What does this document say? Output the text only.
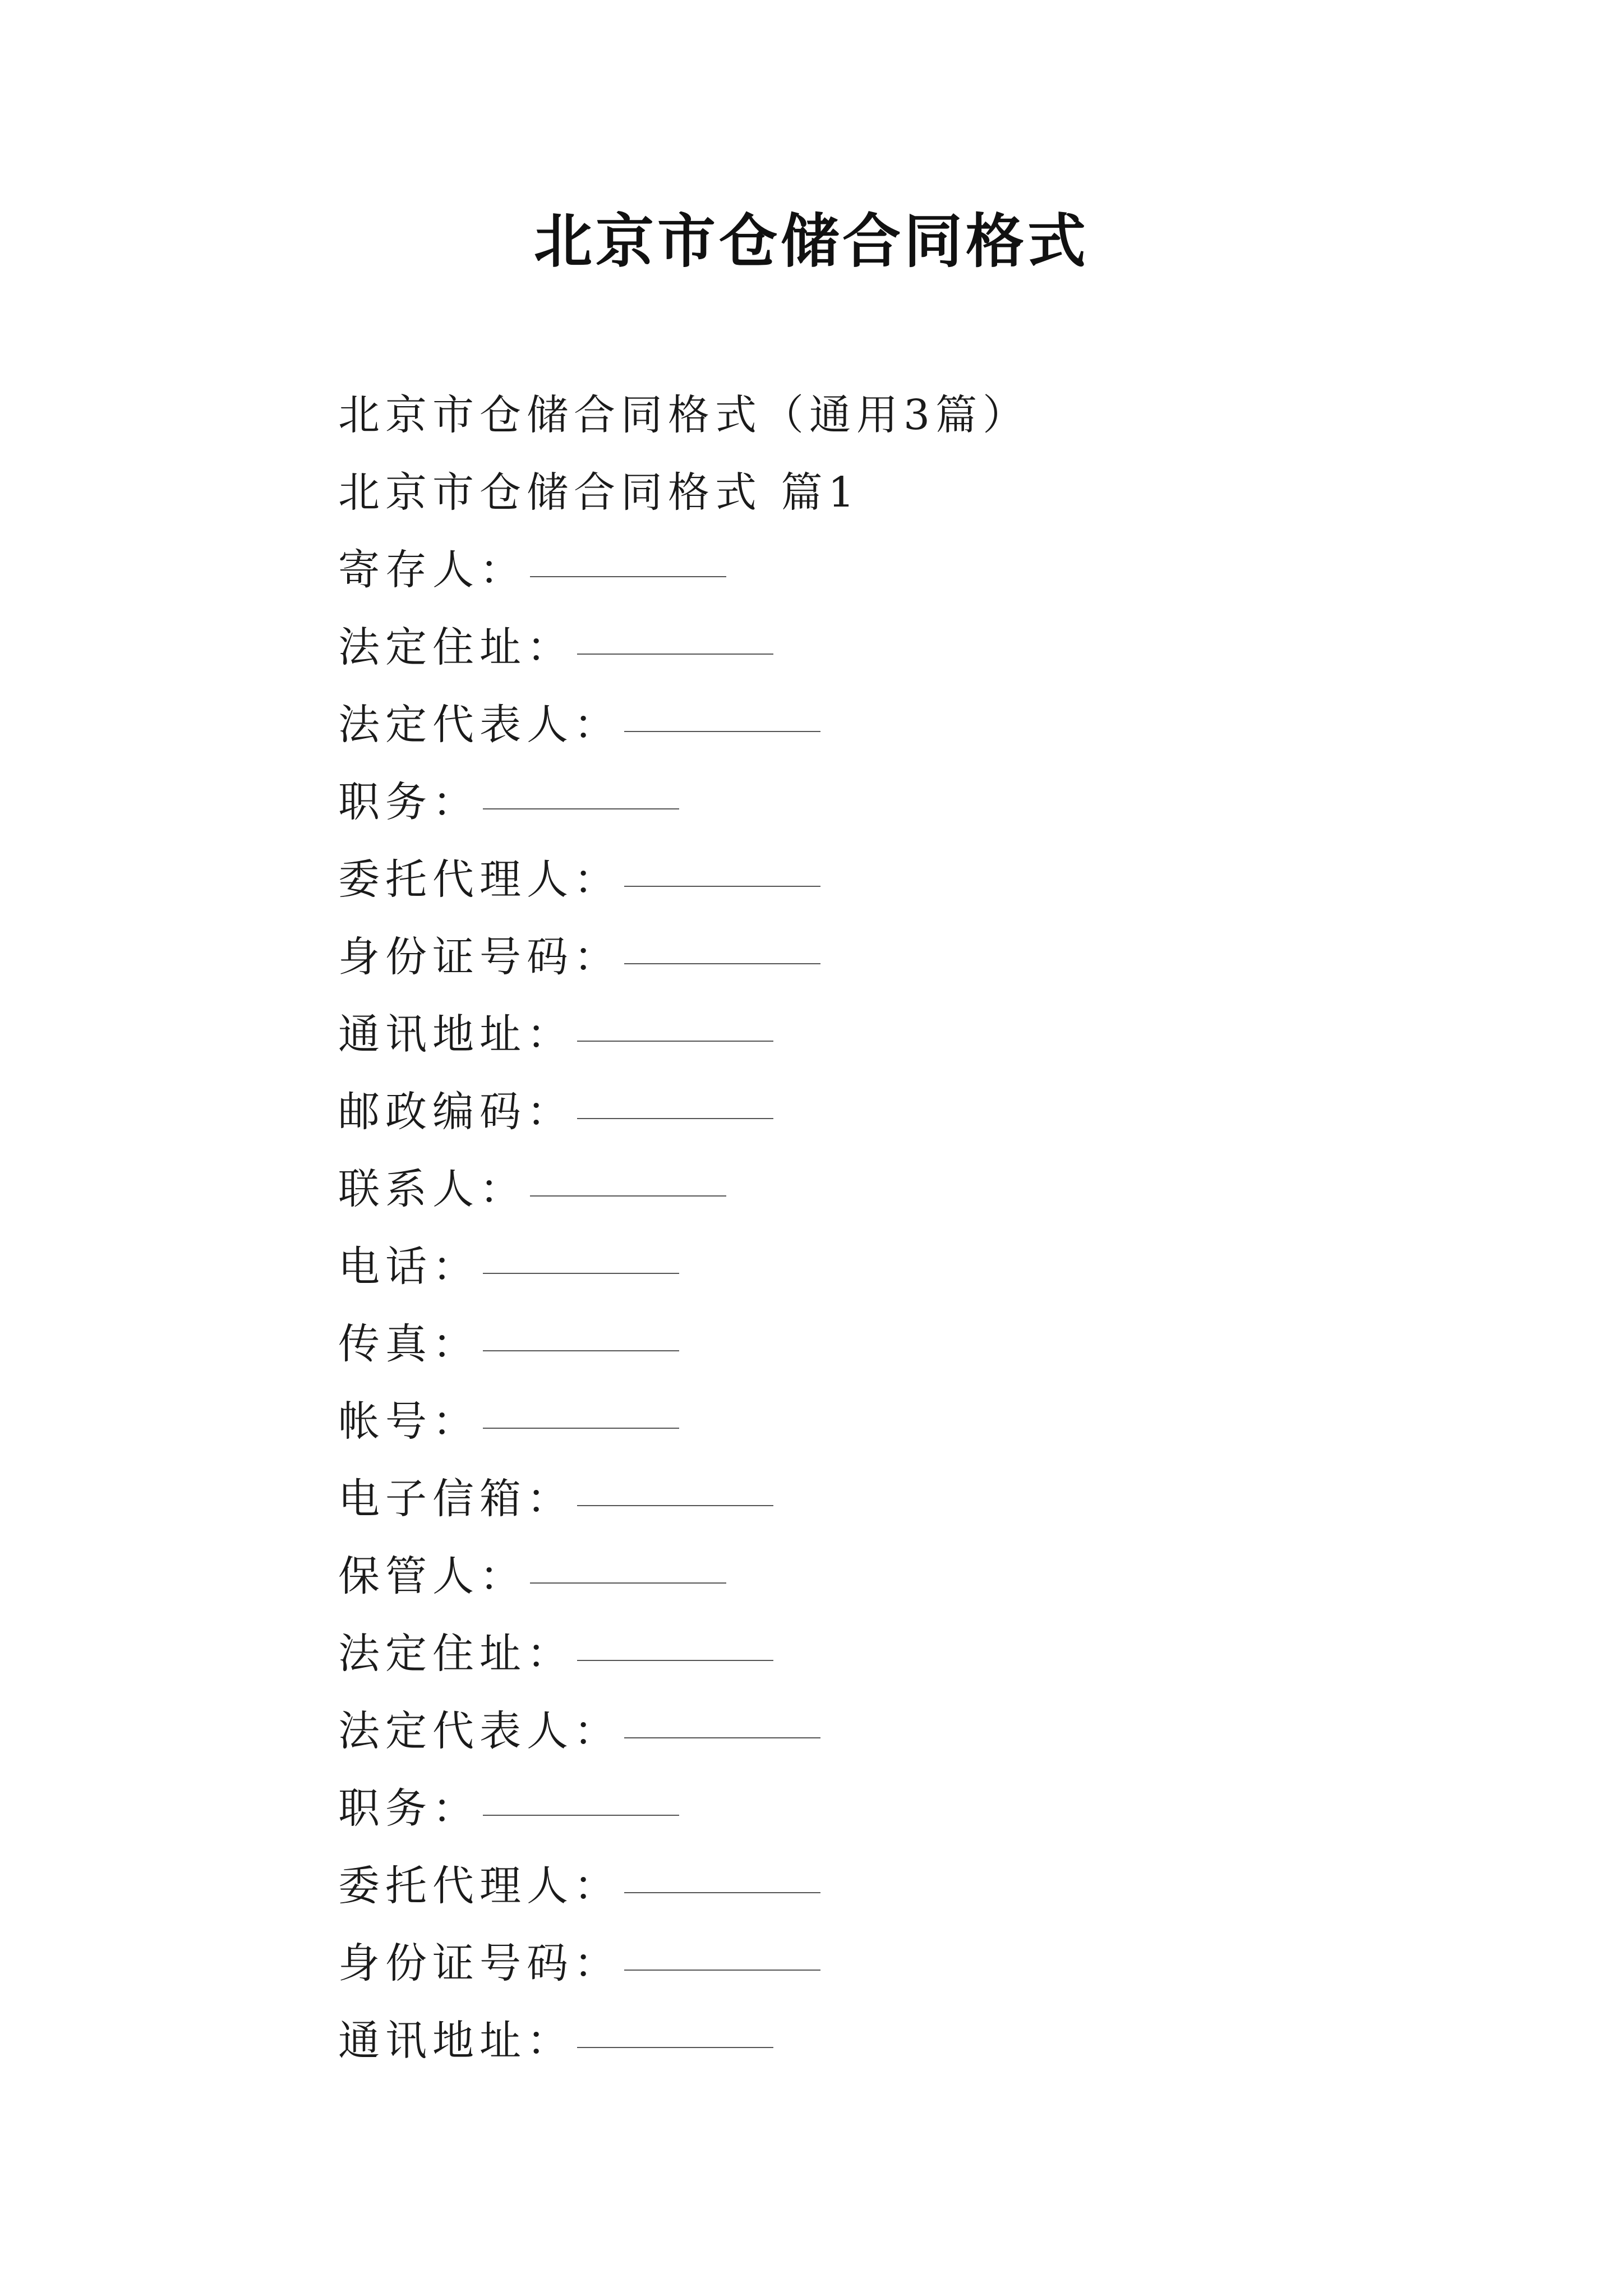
北京市仓储合同格式
北京市仓储合同格式（通用3篇）
北京市仓储合同格式 篇1
寄存人：
法定住址：
法定代表人：
职务：
委托代理人：
身份证号码：
通讯地址：
邮政编码：
联系人：
电话：
传真：
帐号：
电子信箱：
保管人：
法定住址：
法定代表人：
职务：
委托代理人：
身份证号码：
通讯地址：
